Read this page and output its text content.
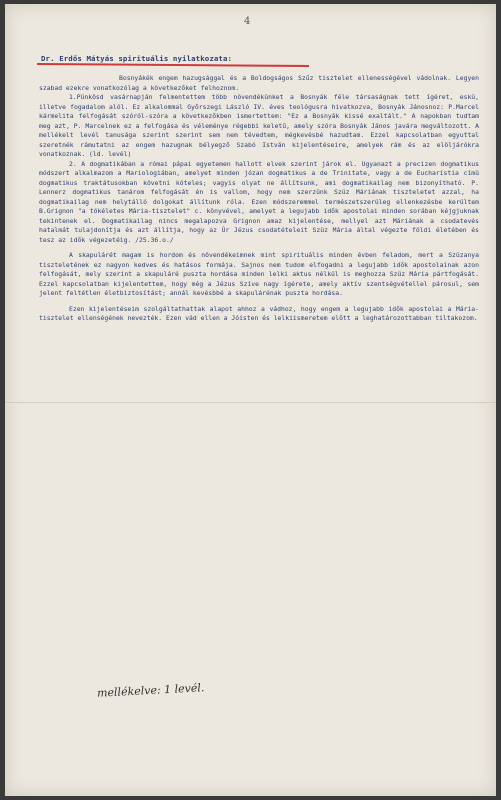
4
Dr. Erdős Mátyás spirituális nyilatkozata:

Bosnyákék engem hazugsággal és a Boldogságos Szűz tisztelet ellenességével vádolnak. Legyen szabad ezekre vonatkozólag a következőket felhoznom.

1.Pünkösd vasárnapján felmentettem több növendékünket a Bosnyák féle társaságnak tett ígéret, eskü, illetve fogadalom alól. Ez alkalommal Győrszegi László IV. éves teológusra hivatkozva, Bosnyák Jánosnoz: P.Marcel kármelita felfogását szóról-szóra a következőkben ismertettem: "Ez a Bosnyák kissé exaltált." A napokban tudtam meg azt, P. Marcelnek ez a felfogása és véleménye régebbi keletű, amely szóra Bosnyák János javára megváltozott. A mellékelt levél tanusága szerint szerint sem nem tévedtem, mégkevésbé hazudtam. Ezzel kapcsolatban egyuttal szeretnék rámutatni az engem hazugnak bélyegző Szabó István kijelentéseire, amelyek rám és az elöljárókra vonatkoznak. (ld. levél)

2. A dogmatikában a római pápai egyetemen hallott elvek szerint járok el. Ugyanazt a precizen dogmatikus módszert alkalmazom a Mariologiában, amelyet minden józan dogmatikus a de Trinitate, vagy a de Eucharistia címü dogmatikus traktátusokban követni köteles; vagyis olyat ne állítsunk, ami dogmatikailag nem bizonyítható. P. Lennerz dogmatikus tanárom felfogását én is vallom, hogy nem szerzünk Szüz Máriának tiszteletet azzal, ha dogmatikailag nem helytálló dolgokat állítunk róla. Ezen módszeremmel természetszerüleg ellenkezésbe kerültem B.Grignon "a tökéletes Mária-tisztelet" c. könyvével, amelyet a legujabb idők apostolai minden sorában kéjgjuknak tekintenek el. Dogmatikailag nincs megalapozva Grignon amaz kijelentése, mellyel azt Máriának a csodatevés hatalmát tulajdonítja és azt állítja, hogy az Úr Jézus csodatételeit Szüz Mária által végezte földi életében és tesz az idők végezetéig. /25.36.o./

A skapulárét magam is hordom és növendékeimnek mint spirituális minden évben feladom, mert a Szüzanya tiszteletének ez nagyon kedves és hatásos formája. Sajnos nem tudom elfogadni a legujabb idők apostolainak azon felfogását, mely szerint a skapuláré puszta hordása minden lelki aktus nélkül is meghozza Szüz Mária pártfogását. Ezzel kapcsolatban kijelentettem, hogy még a Jézus Szíve nagy ígérete, amely aktív szentségvétellel párosul, sem jelent feltétlen életbiztosítást; annál kevésbbé a skapulárénak puszta hordása.

Ezen kijelentéseim szolgáltathattak alapot ahhoz a vádhoz, hogy engem a legujabb idők apostolai a Mária-tisztelet ellenségének nevezték. Ezen vád ellen a Jóisten és lelkiismeretem előtt a leghatározottabban tiltakozom.

mellékelve: 1 levél.
